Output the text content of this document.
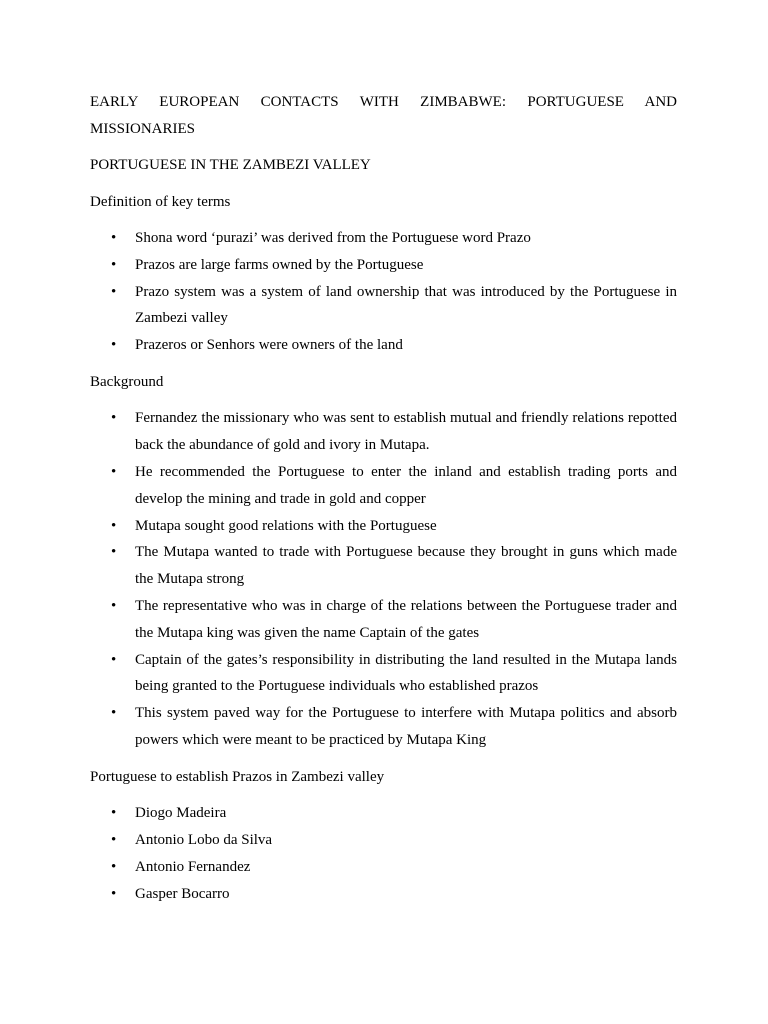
EARLY EUROPEAN CONTACTS WITH ZIMBABWE: PORTUGUESE AND MISSIONARIES

PORTUGUESE IN THE ZAMBEZI VALLEY

Definition of key terms

• Shona word ‘purazi’ was derived from the Portuguese word Prazo
• Prazos are large farms owned by the Portuguese
• Prazo system was a system of land ownership that was introduced by the Portuguese in Zambezi valley
• Prazeros or Senhors were owners of the land

Background

• Fernandez the missionary who was sent to establish mutual and friendly relations repotted back the abundance of gold and ivory in Mutapa.
• He recommended the Portuguese to enter the inland and establish trading ports and develop the mining and trade in gold and copper
• Mutapa sought good relations with the Portuguese
• The Mutapa wanted to trade with Portuguese because they brought in guns which made the Mutapa strong
• The representative who was in charge of the relations between the Portuguese trader and the Mutapa king was given the name Captain of the gates
• Captain of the gates’s responsibility in distributing the land resulted in the Mutapa lands being granted to the Portuguese individuals who established prazos
• This system paved way for the Portuguese to interfere with Mutapa politics and absorb powers which were meant to be practiced by Mutapa King

Portuguese to establish Prazos in Zambezi valley

• Diogo Madeira
• Antonio Lobo da Silva
• Antonio Fernandez
• Gasper Bocarro
